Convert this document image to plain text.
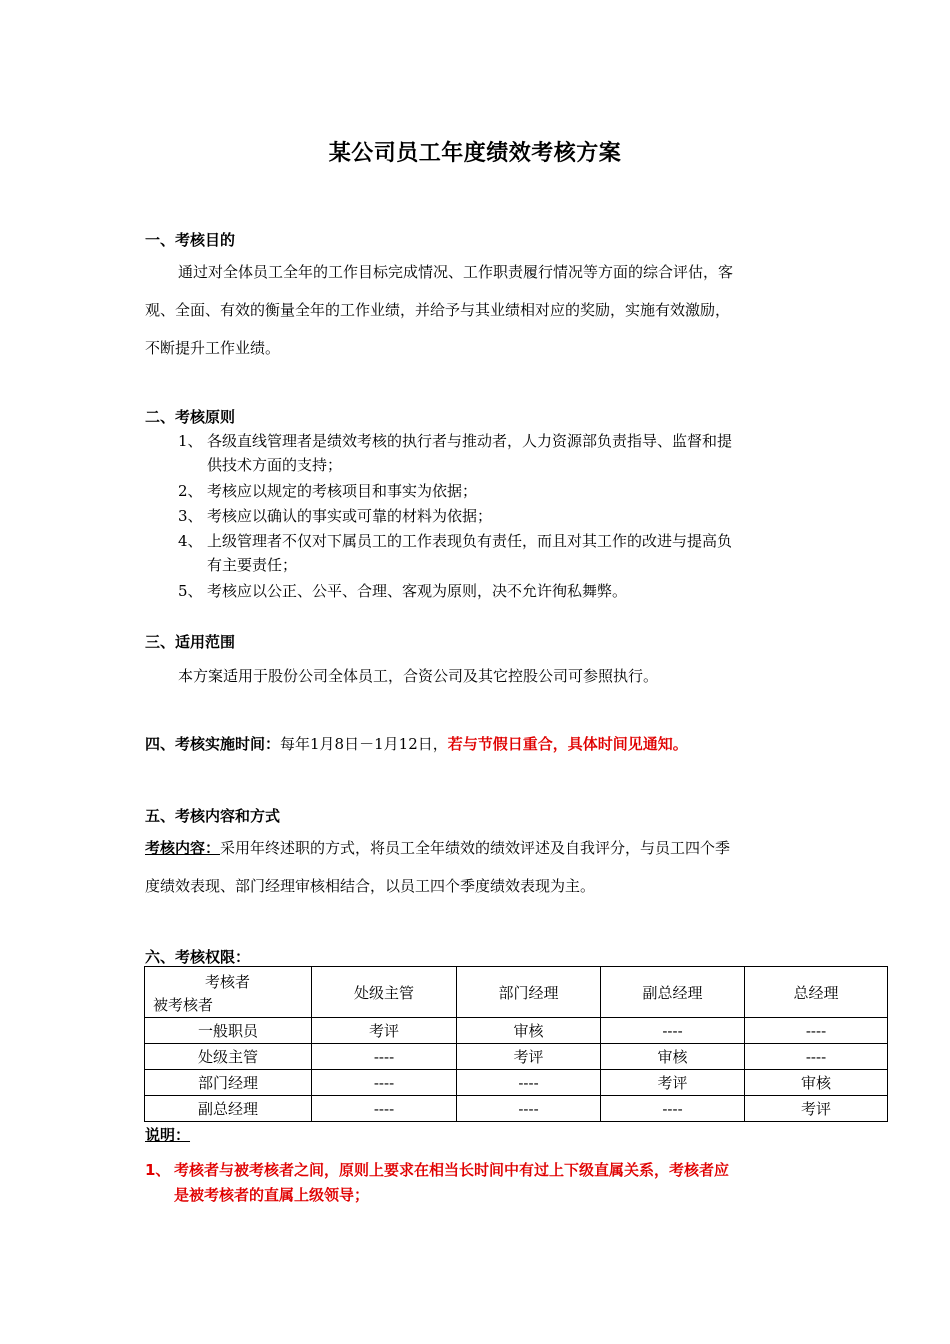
某公司员工年度绩效考核方案
一、考核目的
通过对全体员工全年的工作目标完成情况、工作职责履行情况等方面的综合评估，客
观、全面、有效的衡量全年的工作业绩，并给予与其业绩相对应的奖励，实施有效激励，
不断提升工作业绩。
二、考核原则
1、 各级直线管理者是绩效考核的执行者与推动者，人力资源部负责指导、监督和提
供技术方面的支持；
2、 考核应以规定的考核项目和事实为依据；
3、 考核应以确认的事实或可靠的材料为依据；
4、 上级管理者不仅对下属员工的工作表现负有责任，而且对其工作的改进与提高负
有主要责任；
5、 考核应以公正、公平、合理、客观为原则，决不允许徇私舞弊。
三、适用范围
本方案适用于股份公司全体员工，合资公司及其它控股公司可参照执行。
四、考核实施时间：每年1月8日－1月12日，若与节假日重合，具体时间见通知。
五、考核内容和方式
考核内容：采用年终述职的方式，将员工全年绩效的绩效评述及自我评分，与员工四个季
度绩效表现、部门经理审核相结合，以员工四个季度绩效表现为主。
六、考核权限：
考核者
被考核者	处级主管	部门经理	副总经理	总经理
一般职员	考评	审核	----	----
处级主管	----	考评	审核	----
部门经理	----	----	考评	审核
副总经理	----	----	----	考评
说明：
1、 考核者与被考核者之间，原则上要求在相当长时间中有过上下级直属关系，考核者应
是被考核者的直属上级领导；
